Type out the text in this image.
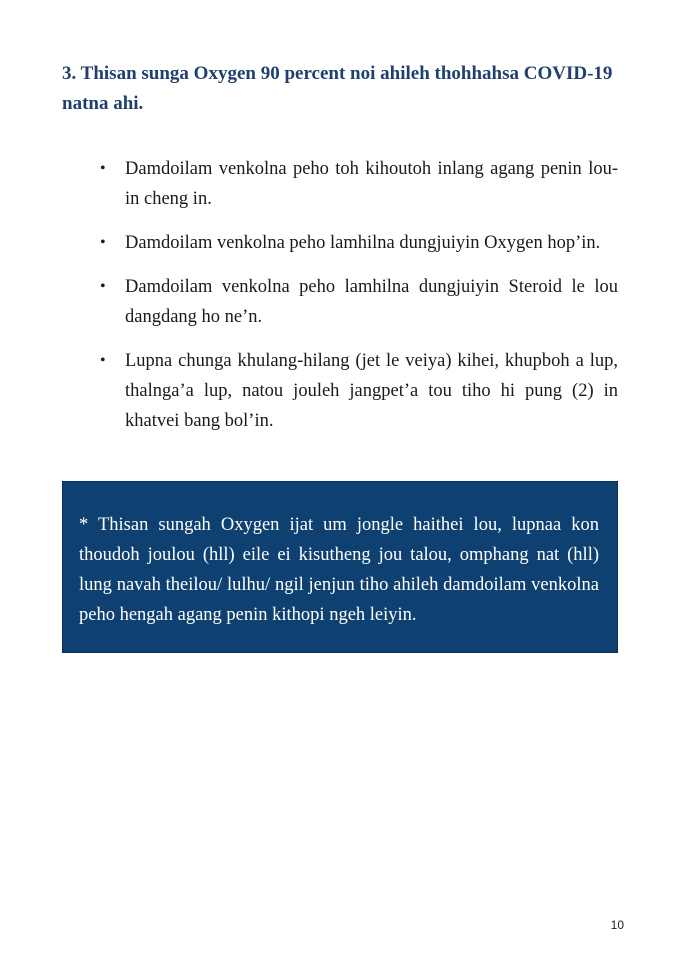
3. Thisan sunga Oxygen 90 percent noi ahileh thohhahsa COVID-19 natna ahi.
• Damdoilam venkolna peho toh kihoutoh inlang agang penin lou-in cheng in.
• Damdoilam venkolna peho lamhilna dungjuiyin Oxygen hop’in.
• Damdoilam venkolna peho lamhilna dungjuiyin Steroid le lou dangdang ho ne’n.
• Lupna chunga khulang-hilang (jet le veiya) kihei, khupboh a lup, thalnga’a lup, natou jouleh jangpet’a tou tiho hi pung (2) in khatvei bang bol’in.

* Thisan sungah Oxygen ijat um jongle haithei lou, lupnaa kon thoudoh joulou (hll) eile ei kisutheng jou talou, omphang nat (hll) lung navah theilou/ lulhu/ ngil jenjun tiho ahileh damdoilam venkolna peho hengah agang penin kithopi ngeh leiyin.

10
